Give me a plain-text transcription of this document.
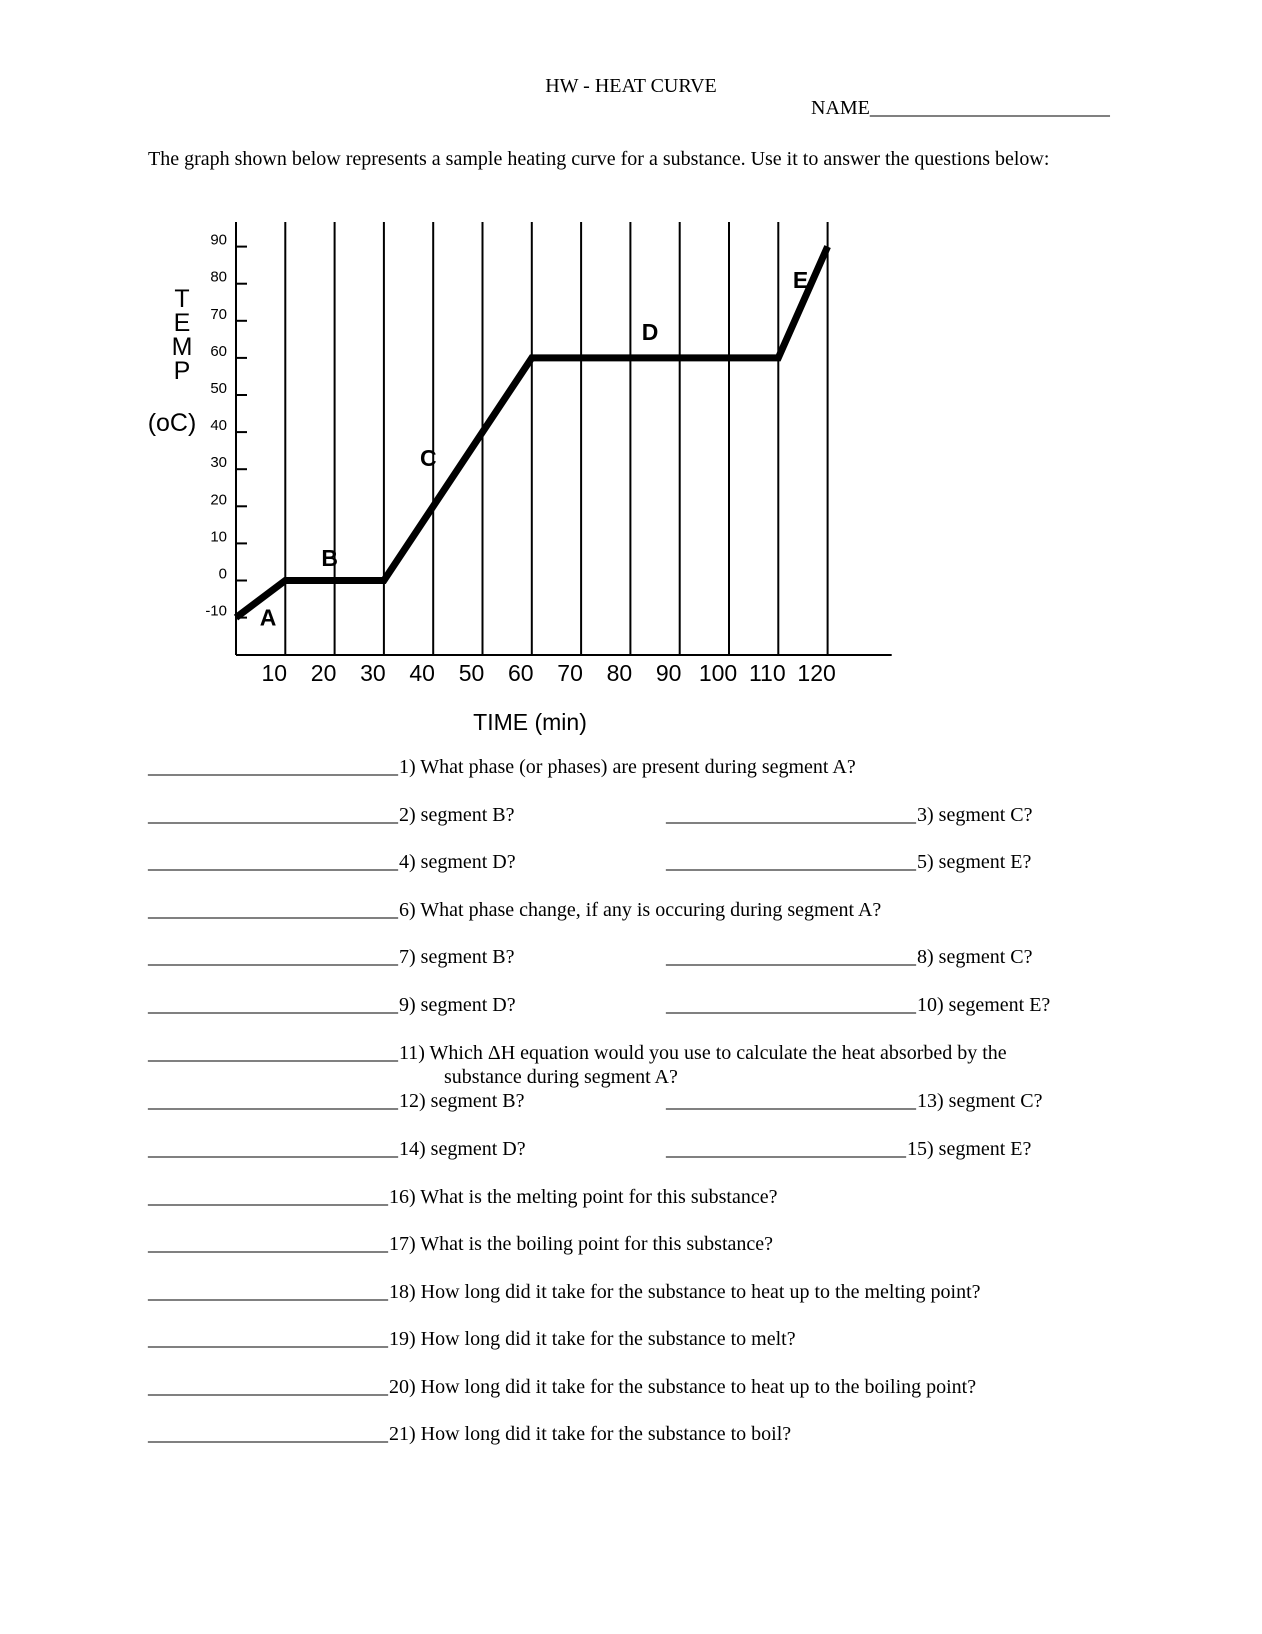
HW - HEAT CURVE
NAME________________________
The graph shown below represents a sample heating curve for a substance. Use it to answer the questions below:
90
80
70
60
50
40
30
20
10
0
-10
10 20 30 40 50 60 70 80 90 100 110 120
A
B
C
D
E
TIME (min)
T
E
M
P
(oC)
_________________________ 1) What phase (or phases) are present during segment A?
_________________________ 2) segment B?	_________________________ 3) segment C?
_________________________ 4) segment D?	_________________________ 5) segment E?
_________________________ 6) What phase change, if any is occuring during segment A?
_________________________ 7) segment B?	_________________________ 8) segment C?
_________________________ 9) segment D?	_________________________ 10) segement E?
_________________________ 11) Which ΔH equation would you use to calculate the heat absorbed by the
substance during segment A?
_________________________ 12) segment B?	_________________________ 13) segment C?
_________________________ 14) segment D?	________________________ 15) segment E?
________________________ 16) What is the melting point for this substance?
________________________ 17) What is the boiling point for this substance?
________________________ 18) How long did it take for the substance to heat up to the melting point?
________________________ 19) How long did it take for the substance to melt?
________________________ 20) How long did it take for the substance to heat up to the boiling point?
________________________ 21) How long did it take for the substance to boil?
